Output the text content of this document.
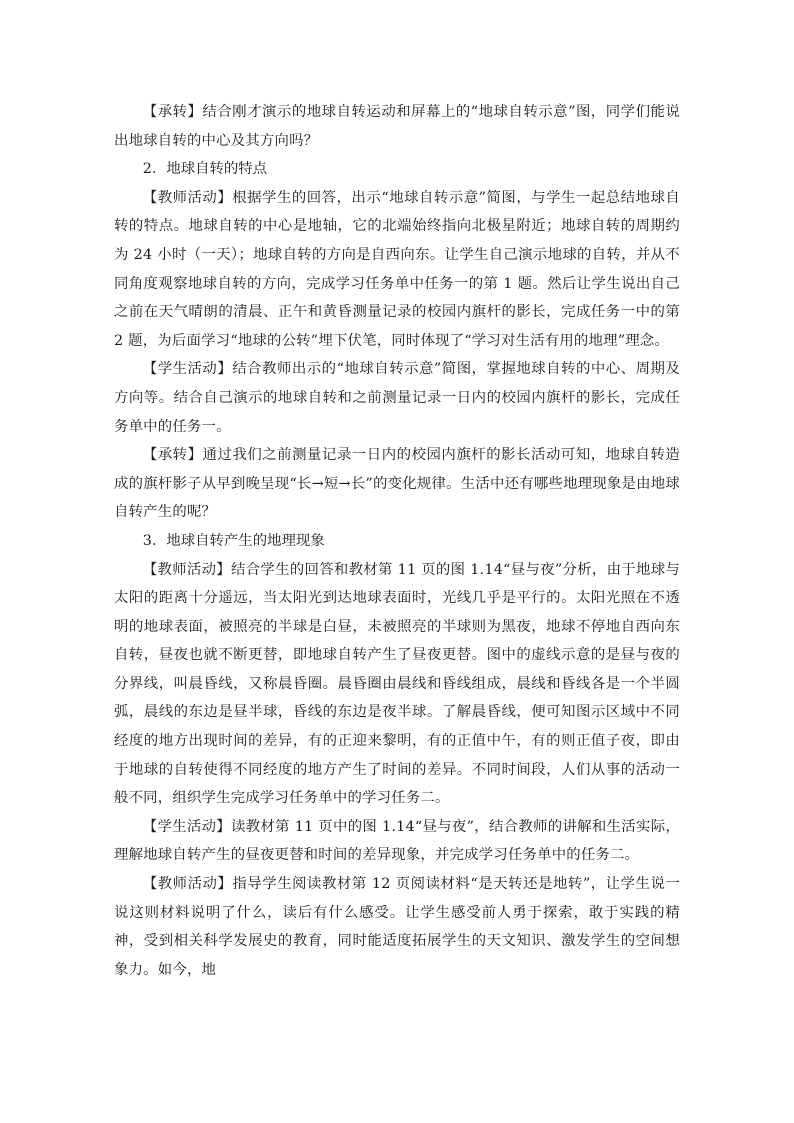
【承转】结合刚才演示的地球自转运动和屏幕上的“地球自转示意”图，同学们能说出地球自转的中心及其方向吗？

2．地球自转的特点

【教师活动】根据学生的回答，出示“地球自转示意”简图，与学生一起总结地球自转的特点。地球自转的中心是地轴，它的北端始终指向北极星附近；地球自转的周期约为 24 小时（一天）；地球自转的方向是自西向东。让学生自己演示地球的自转，并从不同角度观察地球自转的方向，完成学习任务单中任务一的第 1 题。然后让学生说出自己之前在天气晴朗的清晨、正午和黄昏测量记录的校园内旗杆的影长，完成任务一中的第 2 题，为后面学习“地球的公转”埋下伏笔，同时体现了“学习对生活有用的地理”理念。

【学生活动】结合教师出示的“地球自转示意”简图，掌握地球自转的中心、周期及方向等。结合自己演示的地球自转和之前测量记录一日内的校园内旗杆的影长，完成任务单中的任务一。

【承转】通过我们之前测量记录一日内的校园内旗杆的影长活动可知，地球自转造成的旗杆影子从早到晚呈现“长→短→长”的变化规律。生活中还有哪些地理现象是由地球自转产生的呢？

3．地球自转产生的地理现象

【教师活动】结合学生的回答和教材第 11 页的图 1.14“昼与夜”分析，由于地球与太阳的距离十分遥远，当太阳光到达地球表面时，光线几乎是平行的。太阳光照在不透明的地球表面，被照亮的半球是白昼，未被照亮的半球则为黑夜，地球不停地自西向东自转，昼夜也就不断更替，即地球自转产生了昼夜更替。图中的虚线示意的是昼与夜的分界线，叫晨昏线，又称晨昏圈。晨昏圈由晨线和昏线组成，晨线和昏线各是一个半圆弧，晨线的东边是昼半球，昏线的东边是夜半球。了解晨昏线，便可知图示区域中不同经度的地方出现时间的差异，有的正迎来黎明，有的正值中午，有的则正值子夜，即由于地球的自转使得不同经度的地方产生了时间的差异。不同时间段，人们从事的活动一般不同，组织学生完成学习任务单中的学习任务二。

【学生活动】读教材第 11 页中的图 1.14“昼与夜”，结合教师的讲解和生活实际，理解地球自转产生的昼夜更替和时间的差异现象，并完成学习任务单中的任务二。

【教师活动】指导学生阅读教材第 12 页阅读材料“是天转还是地转”，让学生说一说这则材料说明了什么，读后有什么感受。让学生感受前人勇于探索，敢于实践的精神，受到相关科学发展史的教育，同时能适度拓展学生的天文知识、激发学生的空间想象力。如今，地
